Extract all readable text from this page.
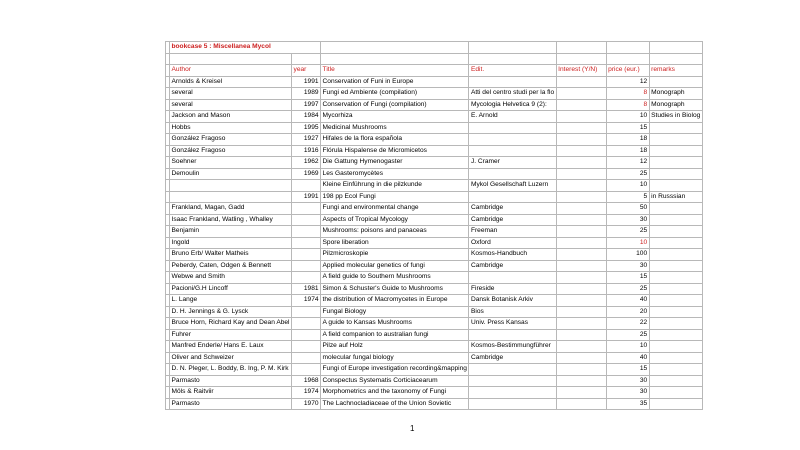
	bookcase 5 : Miscellanea Mycol						

	Author	year	Title	Edit.	Interest (Y/N)	price (eur.)	remarks
	Arnolds & Kreisel	1991	Conservation of Funi in Europe			12	
	several	1989	Fungi ed Ambiente (compilation)	Atti del centro studi per la flo		8	Monograph
	several	1997	Conservation of Fungi (compilation)	Mycologia Helvetica 9 (2):		8	Monograph
	Jackson and Mason	1984	Mycorhiza	E. Arnold		10	Studies in Biolog
	Hobbs	1995	Medicinal Mushrooms			15	
	González Fragoso	1927	Hifales de la flora española			18	
	González Fragoso	1916	Flórula Hispalense de Micromicetos			18	
	Soehner	1962	Die Gattung Hymenogaster	J. Cramer		12	
	Demoulin	1969	Les Gasteromycètes			25	
			Kleine Einführung in die pilzkunde	Mykol Gesellschaft Luzern		10	
		1991	198 pp Ecol Fungi			5	in Russsian
	Frankland, Magan, Gadd		Fungi and environmental change	Cambridge		50	
	Isaac Frankland, Watling , Whalley		Aspects of Tropical Mycology	Cambridge		30	
	Benjamin		Mushrooms: poisons and panaceas	Freeman		25	
	Ingold		Spore liberation	Oxford		10	
	Bruno Erb/ Walter Matheis		Pilzmicroskopie	Kosmos-Handbuch		100	
	Peberdy, Caten, Odgen & Bennett		Applied molecular genetics of fungi	Cambridge		30	
	Webwe and Smith		A field guide to Southern Mushrooms			15	
	Pacioni/G.H Lincoff	1981	Simon & Schuster's Guide to Mushrooms	Fireside		25	
	L. Lange	1974	the distribution of Macromycetes in Europe	Dansk Botanisk Arkiv		40	
	D. H. Jennings & G. Lysck		Fungal Biology	Bios		20	
	Bruce Horn, Richard Kay and Dean Abel		A guide to Kansas Mushrooms	Univ. Press Kansas		22	
	Fuhrer		A field companion to australian fungi			25	
	Manfred Enderle/ Hans E. Laux		Pilze auf Holz	Kosmos-Bestimmungführer		10	
	Oliver and Schweizer		molecular fungal biology	Cambridge		40	
	D. N. Pleger, L. Boddy, B. Ing, P. M. Kirk		Fungi of Europe investigation recording&mapping			15	
	Parmasto	1968	Conspectus Systematis Corticiacearum			30	
	Möls & Raitviir	1974	Morphometrics and the taxonomy of Fungi			30	
	Parmasto	1970	The Lachnocladiaceae of the Union Sovietic			35	
1
